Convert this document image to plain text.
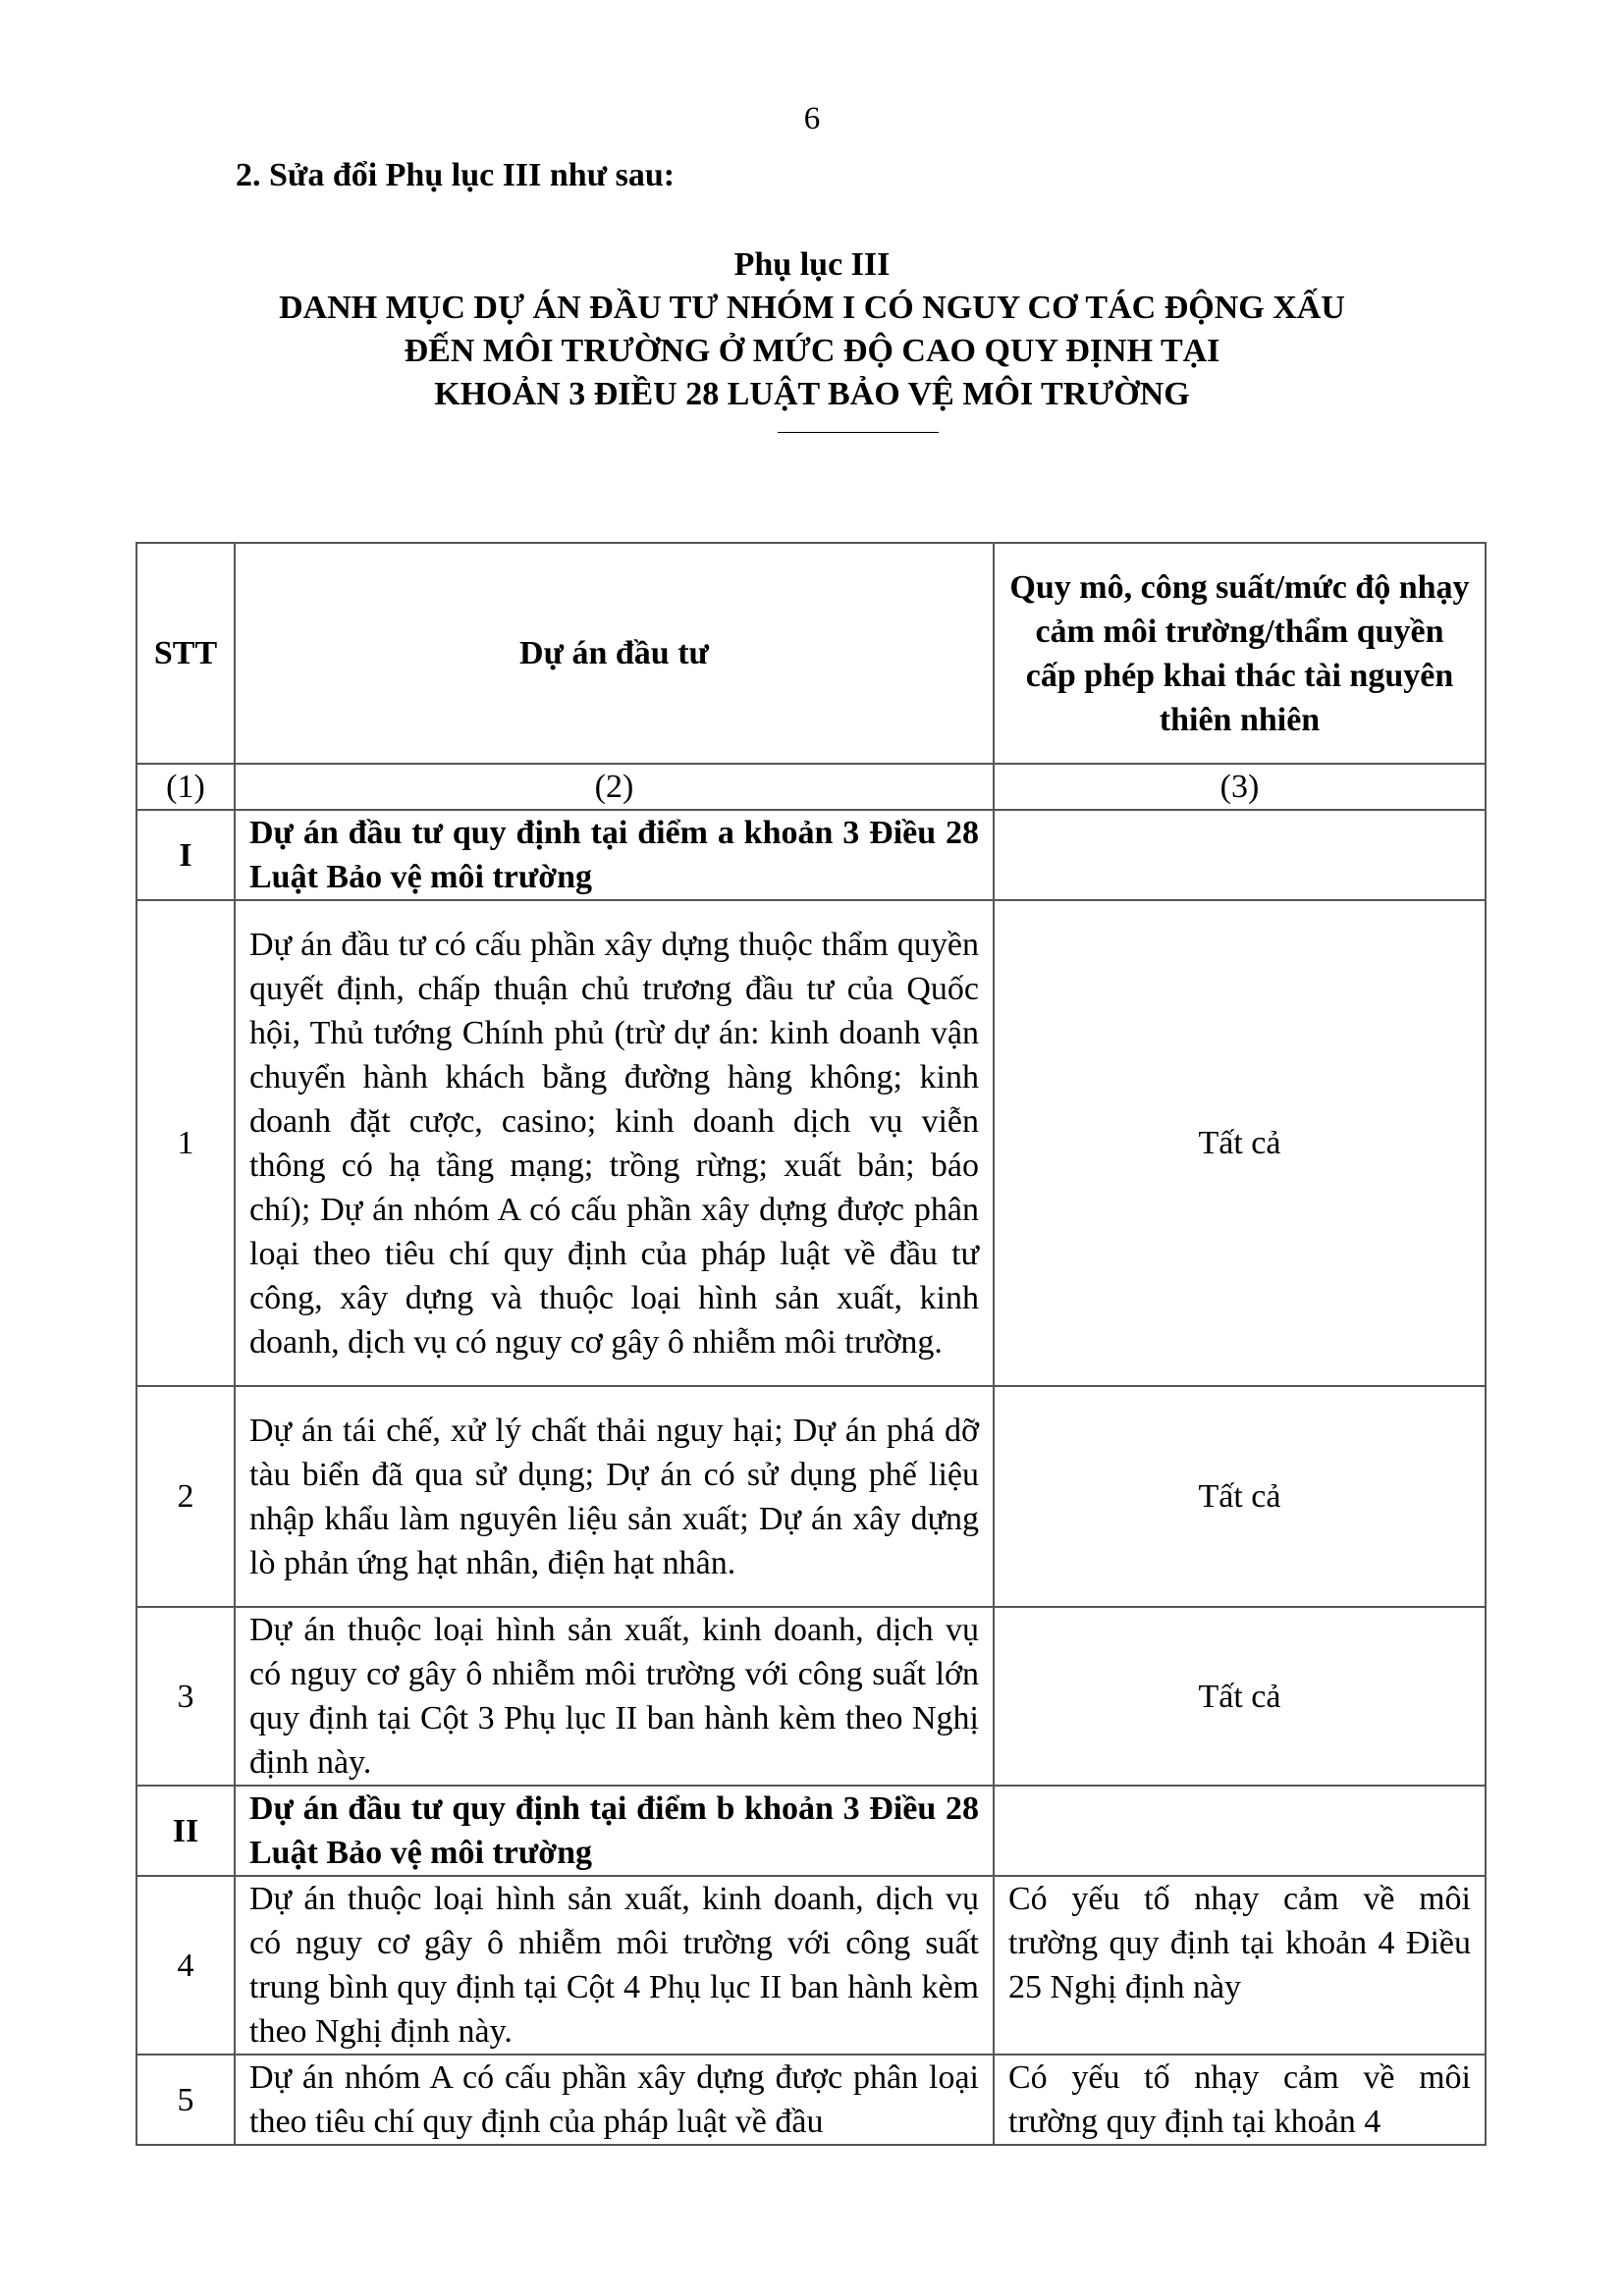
6
2. Sửa đổi Phụ lục III như sau:
Phụ lục III
DANH MỤC DỰ ÁN ĐẦU TƯ NHÓM I CÓ NGUY CƠ TÁC ĐỘNG XẤU
ĐẾN MÔI TRƯỜNG Ở MỨC ĐỘ CAO QUY ĐỊNH TẠI
KHOẢN 3 ĐIỀU 28 LUẬT BẢO VỆ MÔI TRƯỜNG
STT	Dự án đầu tư	Quy mô, công suất/mức độ nhạy cảm môi trường/thẩm quyền cấp phép khai thác tài nguyên thiên nhiên
(1)	(2)	(3)
I	Dự án đầu tư quy định tại điểm a khoản 3 Điều 28 Luật Bảo vệ môi trường	
1	Dự án đầu tư có cấu phần xây dựng thuộc thẩm quyền quyết định, chấp thuận chủ trương đầu tư của Quốc hội, Thủ tướng Chính phủ (trừ dự án: kinh doanh vận chuyển hành khách bằng đường hàng không; kinh doanh đặt cược, casino; kinh doanh dịch vụ viễn thông có hạ tầng mạng; trồng rừng; xuất bản; báo chí); Dự án nhóm A có cấu phần xây dựng được phân loại theo tiêu chí quy định của pháp luật về đầu tư công, xây dựng và thuộc loại hình sản xuất, kinh doanh, dịch vụ có nguy cơ gây ô nhiễm môi trường.	Tất cả
2	Dự án tái chế, xử lý chất thải nguy hại; Dự án phá dỡ tàu biển đã qua sử dụng; Dự án có sử dụng phế liệu nhập khẩu làm nguyên liệu sản xuất; Dự án xây dựng lò phản ứng hạt nhân, điện hạt nhân.	Tất cả
3	Dự án thuộc loại hình sản xuất, kinh doanh, dịch vụ có nguy cơ gây ô nhiễm môi trường với công suất lớn quy định tại Cột 3 Phụ lục II ban hành kèm theo Nghị định này.	Tất cả
II	Dự án đầu tư quy định tại điểm b khoản 3 Điều 28 Luật Bảo vệ môi trường	
4	Dự án thuộc loại hình sản xuất, kinh doanh, dịch vụ có nguy cơ gây ô nhiễm môi trường với công suất trung bình quy định tại Cột 4 Phụ lục II ban hành kèm theo Nghị định này.	Có yếu tố nhạy cảm về môi trường quy định tại khoản 4 Điều 25 Nghị định này
5	Dự án nhóm A có cấu phần xây dựng được phân loại theo tiêu chí quy định của pháp luật về đầu	Có yếu tố nhạy cảm về môi trường quy định tại khoản 4
